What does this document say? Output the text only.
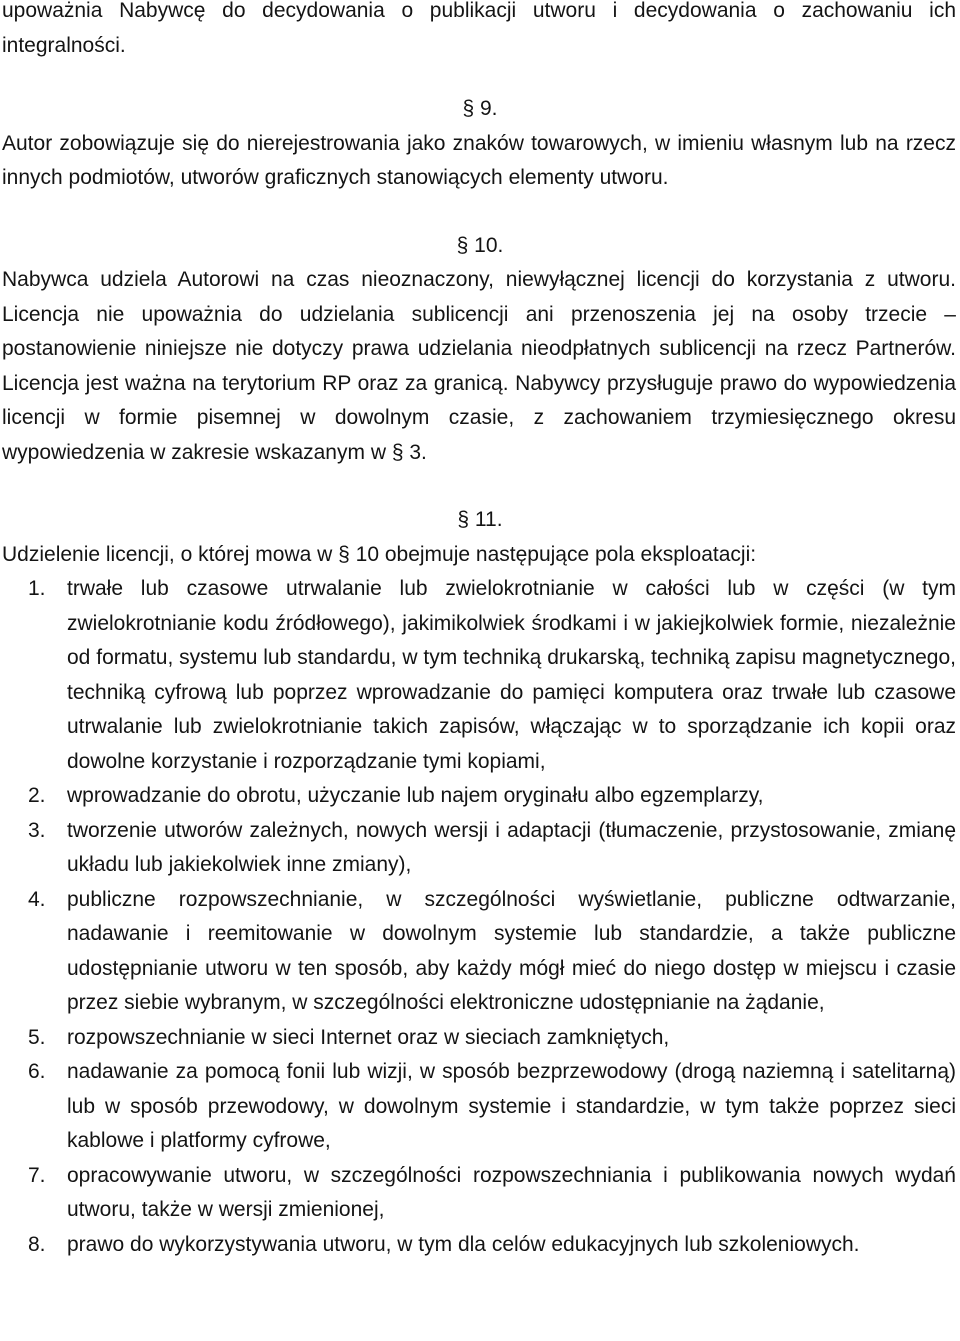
upoważnia Nabywcę do decydowania o publikacji utworu i decydowania o zachowaniu ich integralności.

§ 9.

Autor zobowiązuje się do nierejestrowania jako znaków towarowych, w imieniu własnym lub na rzecz innych podmiotów, utworów graficznych stanowiących elementy utworu.

§ 10.

Nabywca udziela Autorowi na czas nieoznaczony, niewyłącznej licencji do korzystania z utworu. Licencja nie upoważnia do udzielania sublicencji ani przenoszenia jej na osoby trzecie – postanowienie niniejsze nie dotyczy prawa udzielania nieodpłatnych sublicencji na rzecz Partnerów. Licencja jest ważna na terytorium RP oraz za granicą. Nabywcy przysługuje prawo do wypowiedzenia licencji w formie pisemnej w dowolnym czasie, z zachowaniem trzymiesięcznego okresu wypowiedzenia w zakresie wskazanym w § 3.

§ 11.

Udzielenie licencji, o której mowa w § 10 obejmuje następujące pola eksploatacji:

1.	trwałe lub czasowe utrwalanie lub zwielokrotnianie w całości lub w części (w tym zwielokrotnianie kodu źródłowego), jakimikolwiek środkami i w jakiejkolwiek formie, niezależnie od formatu, systemu lub standardu, w tym techniką drukarską, techniką zapisu magnetycznego, techniką cyfrową lub poprzez wprowadzanie do pamięci komputera oraz trwałe lub czasowe utrwalanie lub zwielokrotnianie takich zapisów, włączając w to sporządzanie ich kopii oraz dowolne korzystanie i rozporządzanie tymi kopiami,
2.	wprowadzanie do obrotu, użyczanie lub najem oryginału albo egzemplarzy,
3.	tworzenie utworów zależnych, nowych wersji i adaptacji (tłumaczenie, przystosowanie, zmianę układu lub jakiekolwiek inne zmiany),
4.	publiczne rozpowszechnianie, w szczególności wyświetlanie, publiczne odtwarzanie, nadawanie i reemitowanie w dowolnym systemie lub standardzie, a także publiczne udostępnianie utworu w ten sposób, aby każdy mógł mieć do niego dostęp w miejscu i czasie przez siebie wybranym, w szczególności elektroniczne udostępnianie na żądanie,
5.	rozpowszechnianie w sieci Internet oraz w sieciach zamkniętych,
6.	nadawanie za pomocą fonii lub wizji, w sposób bezprzewodowy (drogą naziemną i satelitarną) lub w sposób przewodowy, w dowolnym systemie i standardzie, w tym także poprzez sieci kablowe i platformy cyfrowe,
7.	opracowywanie utworu, w szczególności rozpowszechniania i publikowania nowych wydań utworu, także w wersji zmienionej,
8.	prawo do wykorzystywania utworu, w tym dla celów edukacyjnych lub szkoleniowych.
